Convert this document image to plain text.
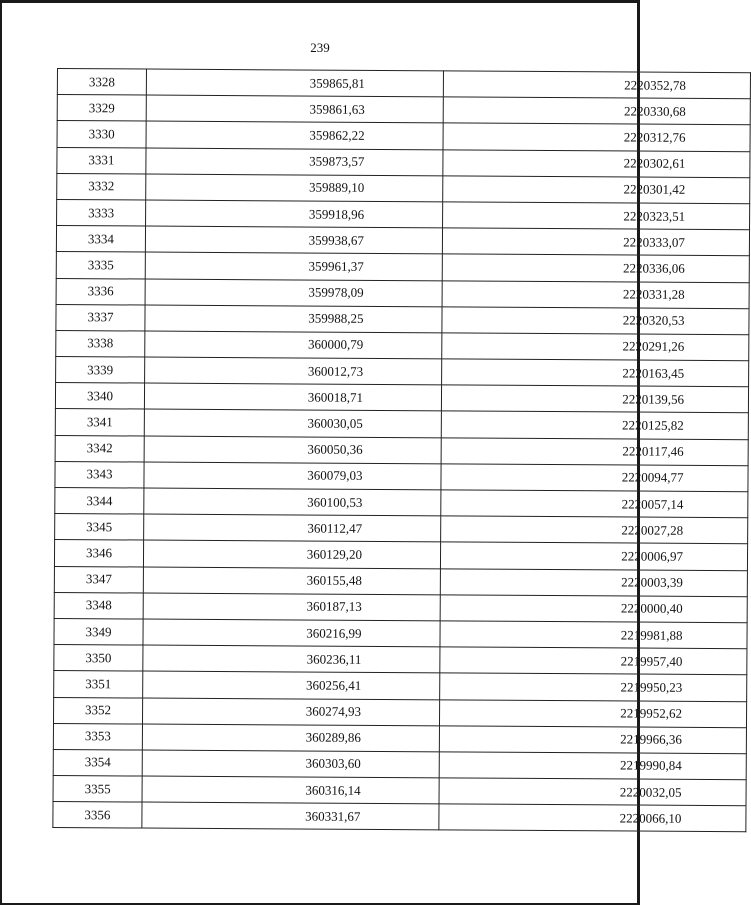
239
3328	359865,81	2220352,78
3329	359861,63	2220330,68
3330	359862,22	2220312,76
3331	359873,57	2220302,61
3332	359889,10	2220301,42
3333	359918,96	2220323,51
3334	359938,67	2220333,07
3335	359961,37	2220336,06
3336	359978,09	2220331,28
3337	359988,25	2220320,53
3338	360000,79	2220291,26
3339	360012,73	2220163,45
3340	360018,71	2220139,56
3341	360030,05	2220125,82
3342	360050,36	2220117,46
3343	360079,03	2220094,77
3344	360100,53	2220057,14
3345	360112,47	2220027,28
3346	360129,20	2220006,97
3347	360155,48	2220003,39
3348	360187,13	2220000,40
3349	360216,99	2219981,88
3350	360236,11	2219957,40
3351	360256,41	2219950,23
3352	360274,93	2219952,62
3353	360289,86	2219966,36
3354	360303,60	2219990,84
3355	360316,14	2220032,05
3356	360331,67	2220066,10
